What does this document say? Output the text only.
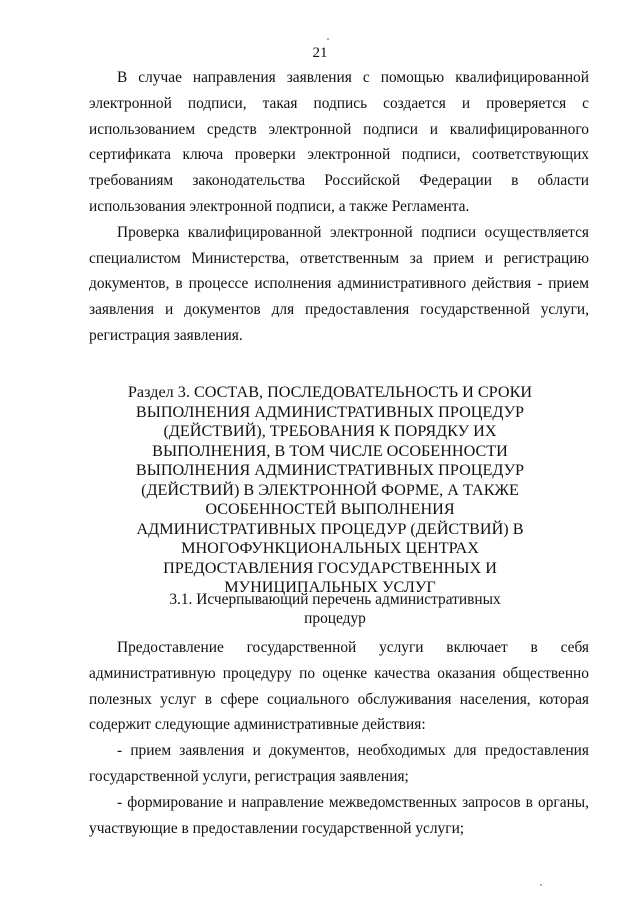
21

В случае направления заявления с помощью квалифицированной электронной подписи, такая подпись создается и проверяется с использованием средств электронной подписи и квалифицированного сертификата ключа проверки электронной подписи, соответствующих требованиям законодательства Российской Федерации в области использования электронной подписи, а также Регламента.

Проверка квалифицированной электронной подписи осуществляется специалистом Министерства, ответственным за прием и регистрацию документов, в процессе исполнения административного действия - прием заявления и документов для предоставления государственной услуги, регистрация заявления.

Раздел 3. СОСТАВ, ПОСЛЕДОВАТЕЛЬНОСТЬ И СРОКИ ВЫПОЛНЕНИЯ АДМИНИСТРАТИВНЫХ ПРОЦЕДУР (ДЕЙСТВИЙ), ТРЕБОВАНИЯ К ПОРЯДКУ ИХ ВЫПОЛНЕНИЯ, В ТОМ ЧИСЛЕ ОСОБЕННОСТИ ВЫПОЛНЕНИЯ АДМИНИСТРАТИВНЫХ ПРОЦЕДУР (ДЕЙСТВИЙ) В ЭЛЕКТРОННОЙ ФОРМЕ, А ТАКЖЕ ОСОБЕННОСТЕЙ ВЫПОЛНЕНИЯ АДМИНИСТРАТИВНЫХ ПРОЦЕДУР (ДЕЙСТВИЙ) В МНОГОФУНКЦИОНАЛЬНЫХ ЦЕНТРАХ ПРЕДОСТАВЛЕНИЯ ГОСУДАРСТВЕННЫХ И МУНИЦИПАЛЬНЫХ УСЛУГ
3.1. Исчерпывающий перечень административных процедур

Предоставление государственной услуги включает в себя административную процедуру по оценке качества оказания общественно полезных услуг в сфере социального обслуживания населения, которая содержит следующие административные действия:

- прием заявления и документов, необходимых для предоставления государственной услуги, регистрация заявления;

- формирование и направление межведомственных запросов в органы, участвующие в предоставлении государственной услуги;
